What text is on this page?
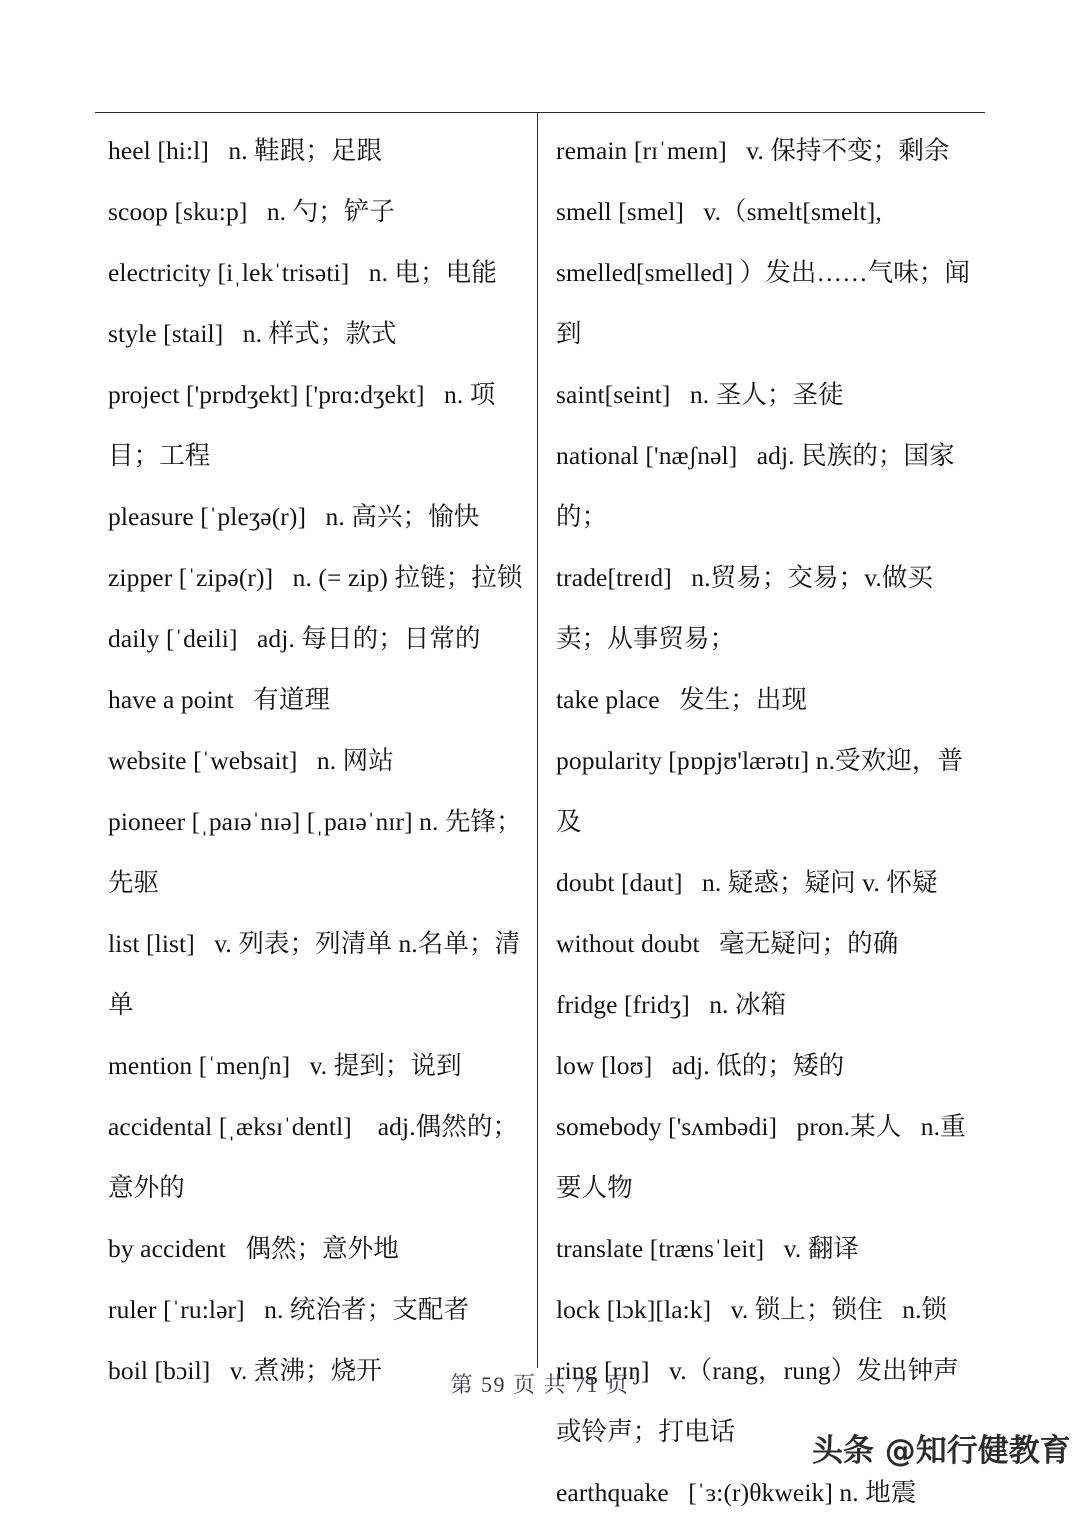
heel [hi:l]   n. 鞋跟；足跟

scoop [sku:p]   n. 勺；铲子

electricity [iˌlekˈtrisəti]   n. 电；电能

style [stail]   n. 样式；款式

project ['prɒdʒekt] ['prɑ:dʒekt]   n. 项目；工程

pleasure [ˈpleʒə(r)]   n. 高兴；愉快

zipper [ˈzipə(r)]   n. (= zip) 拉链；拉锁

daily [ˈdeili]   adj. 每日的；日常的

have a point   有道理

website [ˈwebsait]   n. 网站

pioneer [ˌpaɪəˈnɪə] [ˌpaɪəˈnɪr] n. 先锋；先驱

list [list]   v. 列表；列清单 n.名单；清单

mention [ˈmenʃn]   v. 提到；说到

accidental [ˌæksɪˈdentl]    adj.偶然的；意外的

by accident   偶然；意外地

ruler [ˈru:lər]   n. 统治者；支配者

boil [bɔil]   v. 煮沸；烧开

remain [rɪˈmeɪn]   v. 保持不变；剩余

smell [smel]   v.（smelt[smelt], smelled[smelled] ）发出……气味；闻到

saint[seint]   n. 圣人；圣徒

national ['næʃnəl]   adj. 民族的；国家的；

trade[treɪd]   n.贸易；交易；v.做买卖；从事贸易；

take place   发生；出现

popularity [pɒpjʊ'lærətɪ] n.受欢迎，普及

doubt [daut]   n. 疑惑；疑问 v. 怀疑

without doubt   毫无疑问；的确

fridge [fridʒ]   n. 冰箱

low [loʊ]   adj. 低的；矮的

somebody ['sʌmbədi]   pron.某人   n.重要人物

translate [trænsˈleit]   v. 翻译

lock [lɔk][la:k]   v. 锁上；锁住   n.锁

ring [rɪŋ]   v.（rang，rung）发出钟声或铃声；打电话

earthquake   [ˈɜ:(r)θkweik] n. 地震

第 59 页 共 71 页
头条 @知行健教育
